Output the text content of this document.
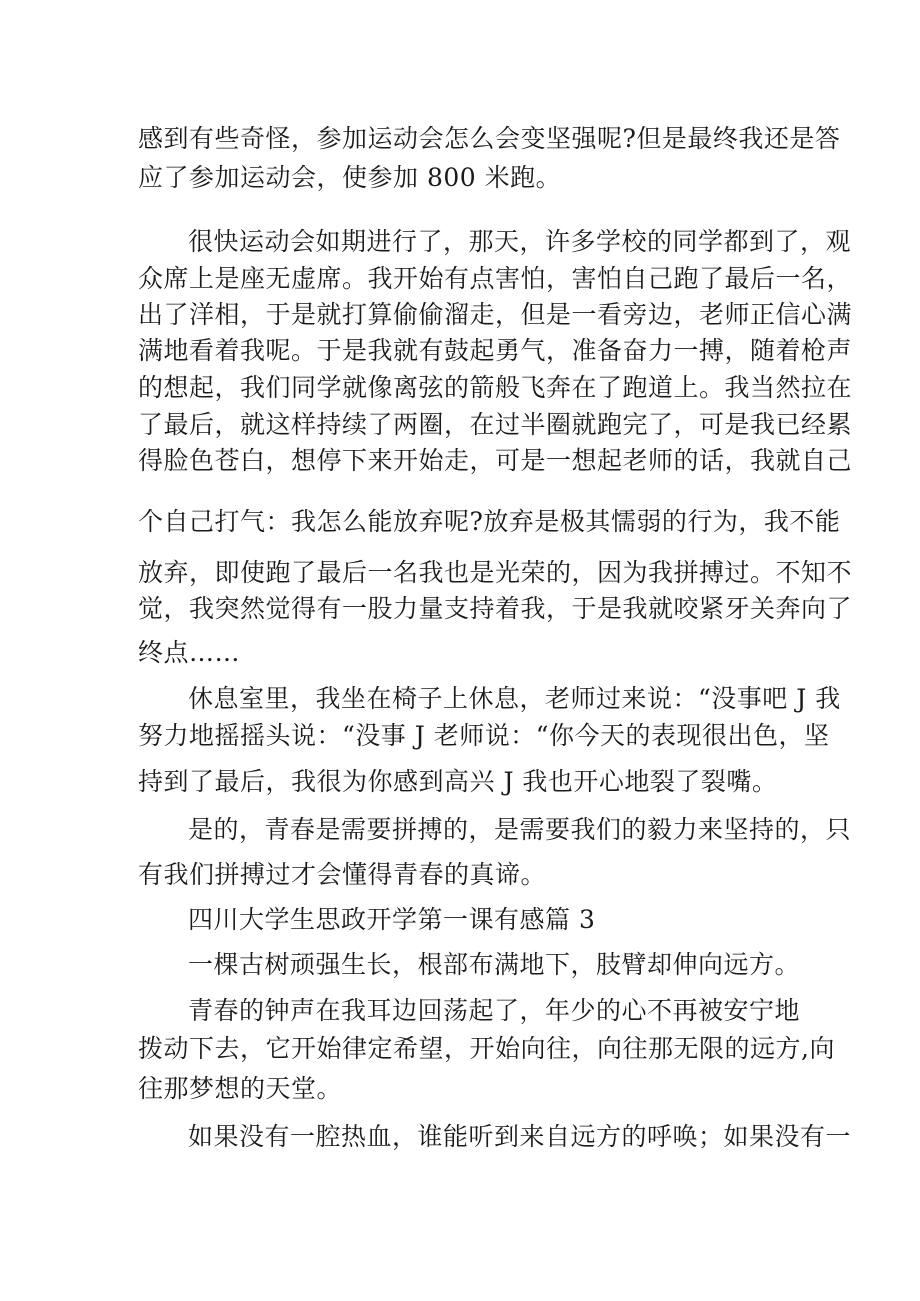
感到有些奇怪，参加运动会怎么会变坚强呢?但是最终我还是答
应了参加运动会，使参加 800 米跑。
很快运动会如期进行了，那天，许多学校的同学都到了，观
众席上是座无虚席。我开始有点害怕，害怕自己跑了最后一名，
出了洋相，于是就打算偷偷溜走，但是一看旁边，老师正信心满
满地看着我呢。于是我就有鼓起勇气，准备奋力一搏，随着枪声
的想起，我们同学就像离弦的箭般飞奔在了跑道上。我当然拉在
了最后，就这样持续了两圈，在过半圈就跑完了，可是我已经累
得脸色苍白，想停下来开始走，可是一想起老师的话，我就自己
个自己打气：我怎么能放弃呢?放弃是极其懦弱的行为，我不能
放弃，即使跑了最后一名我也是光荣的，因为我拼搏过。不知不
觉，我突然觉得有一股力量支持着我，于是我就咬紧牙关奔向了
终点……
休息室里，我坐在椅子上休息，老师过来说：“没事吧 J 我
努力地摇摇头说：“没事 J 老师说：“你今天的表现很出色，坚
持到了最后，我很为你感到高兴 J 我也开心地裂了裂嘴。
是的，青春是需要拼搏的，是需要我们的毅力来坚持的，只
有我们拼搏过才会懂得青春的真谛。
四川大学生思政开学第一课有感篇 3
一棵古树顽强生长，根部布满地下，肢臂却伸向远方。
青春的钟声在我耳边回荡起了，年少的心不再被安宁地
拨动下去，它开始律定希望，开始向往，向往那无限的远方,向
往那梦想的天堂。
如果没有一腔热血，谁能听到来自远方的呼唤；如果没有一
